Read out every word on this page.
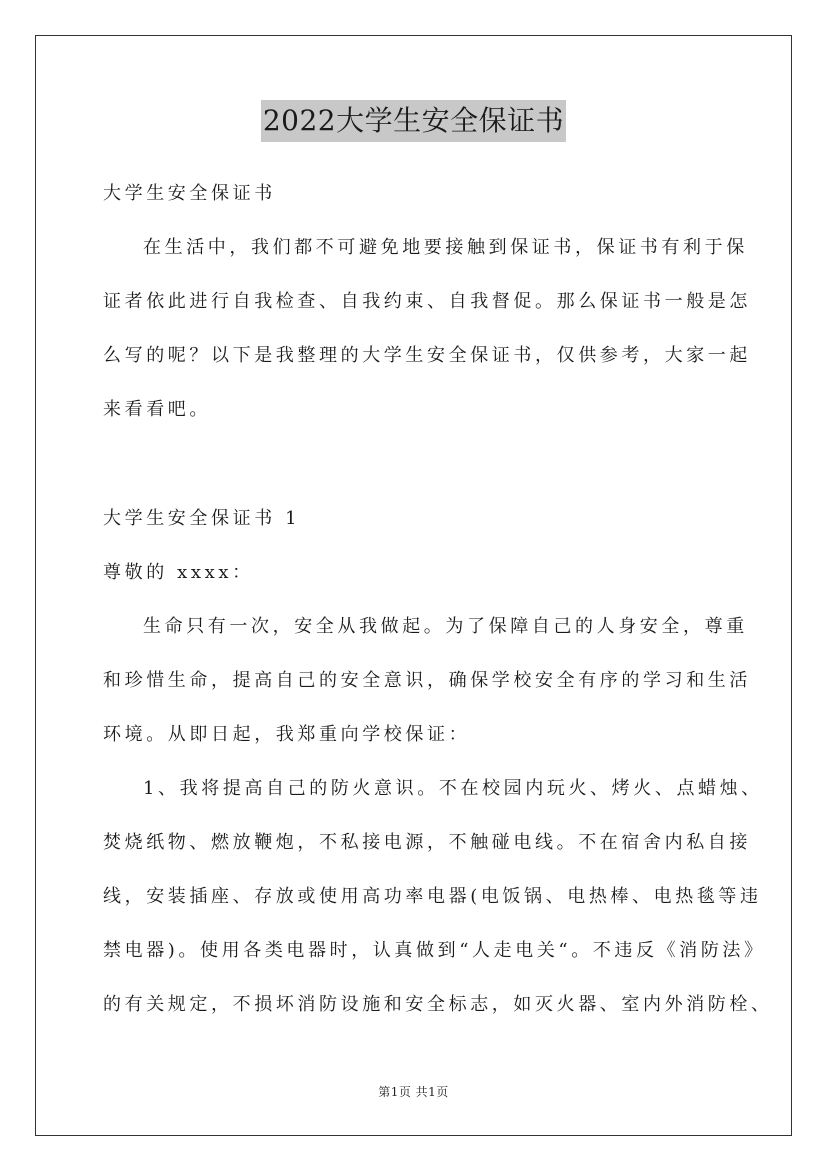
2022大学生安全保证书
大学生安全保证书
在生活中，我们都不可避免地要接触到保证书，保证书有利于保
证者依此进行自我检查、自我约束、自我督促。那么保证书一般是怎
么写的呢？以下是我整理的大学生安全保证书，仅供参考，大家一起
来看看吧。
大学生安全保证书 1
尊敬的 xxxx：
生命只有一次，安全从我做起。为了保障自己的人身安全，尊重
和珍惜生命，提高自己的安全意识，确保学校安全有序的学习和生活
环境。从即日起，我郑重向学校保证：
1、我将提高自己的防火意识。不在校园内玩火、烤火、点蜡烛、
焚烧纸物、燃放鞭炮，不私接电源，不触碰电线。不在宿舍内私自接
线，安装插座、存放或使用高功率电器(电饭锅、电热棒、电热毯等违
禁电器)。使用各类电器时，认真做到“人走电关“。不违反《消防法》
的有关规定，不损坏消防设施和安全标志，如灭火器、室内外消防栓、
第1页 共1页
